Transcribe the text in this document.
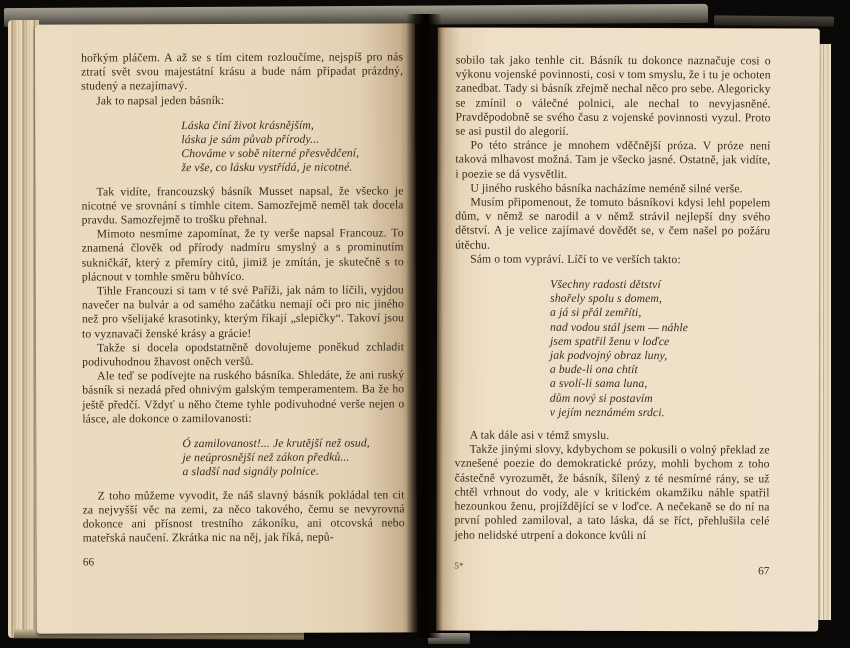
hořkým pláčem. A až se s tím citem rozloučíme, nejspíš pro nás ztratí svět svou majestátní krásu a bude nám připadat prázdný, studený a nezajímavý.

Jak to napsal jeden básník:

Láska činí život krásnějším,
láska je sám půvab přírody...
Chováme v sobě niterné přesvědčení,
že vše, co lásku vystřídá, je nicotné.

Tak vidíte, francouzský básník Musset napsal, že všecko je nicotné ve srovnání s tímhle citem. Samozřejmě neměl tak docela pravdu. Samozřejmě to trošku přehnal.

Mimoto nesmíme zapomínat, že ty verše napsal Francouz. To znamená člověk od přírody nadmíru smyslný a s prominutím sukničkář, který z přemíry citů, jimiž je zmítán, je skutečně s to plácnout v tomhle směru bůhvíco.

Tihle Francouzi si tam v té své Paříži, jak nám to líčili, vyjdou navečer na bulvár a od samého začátku nemají oči pro nic jiného než pro všelijaké krasotinky, kterým říkají „slepičky“. Takoví jsou to vyznavači ženské krásy a grácie!

Takže si docela opodstatněně dovolujeme poněkud zchladit podivuhodnou žhavost oněch veršů.

Ale teď se podívejte na ruského básníka. Shledáte, že ani ruský básník si nezadá před ohnivým galským temperamentem. Ba že ho ještě předčí. Vždyť u něho čteme tyhle podivuhodné verše nejen o lásce, ale dokonce o zamilovanosti:

Ó zamilovanost!... Je krutější než osud,
je neúprosnější než zákon předků...
a sladší nad signály polnice.

Z toho můžeme vyvodit, že náš slavný básník pokládal ten cit za nejvyšší věc na zemi, za něco takového, čemu se nevyrovná dokonce ani přísnost trestního zákoníku, ani otcovská nebo mateřská naučení. Zkrátka nic na něj, jak říká, nepů-

66

sobilo tak jako tenhle cit. Básník tu dokonce naznačuje cosi o výkonu vojenské povinnosti, cosi v tom smyslu, že i tu je ochoten zanedbat. Tady si básník zřejmě nechal něco pro sebe. Alegoricky se zmínil o válečné polnici, ale nechal to nevyjasněné. Pravděpodobně se svého času z vojenské povinnosti vyzul. Proto se asi pustil do alegorií.

Po této stránce je mnohem vděčnější próza. V próze není taková mlhavost možná. Tam je všecko jasné. Ostatně, jak vidíte, i poezie se dá vysvětlit.

U jiného ruského básníka nacházíme neméně silné verše.

Musím připomenout, že tomuto básníkovi kdysi lehl popelem dům, v němž se narodil a v němž strávil nejlepší dny svého dětství. A je velice zajímavé dovědět se, v čem našel po požáru útěchu.

Sám o tom vypráví. Líčí to ve verších takto:

Všechny radosti dětství
shořely spolu s domem,
a já si přál zemříti,
nad vodou stál jsem — náhle
jsem spatřil ženu v loďce
jak podvojný obraz luny,
a bude-li ona chtít
a svolí-li sama luna,
dům nový si postavím
v jejím neznámém srdci.

A tak dále asi v témž smyslu.

Takže jinými slovy, kdybychom se pokusili o volný překlad ze vznešené poezie do demokratické prózy, mohli bychom z toho částečně vyrozumět, že básník, šílený z té nesmírné rány, se už chtěl vrhnout do vody, ale v kritickém okamžiku náhle spatřil hezounkou ženu, projíždějící se v loďce. A nečekaně se do ní na první pohled zamiloval, a tato láska, dá se říct, přehlušila celé jeho nelidské utrpení a dokonce kvůli ní

5*	67
